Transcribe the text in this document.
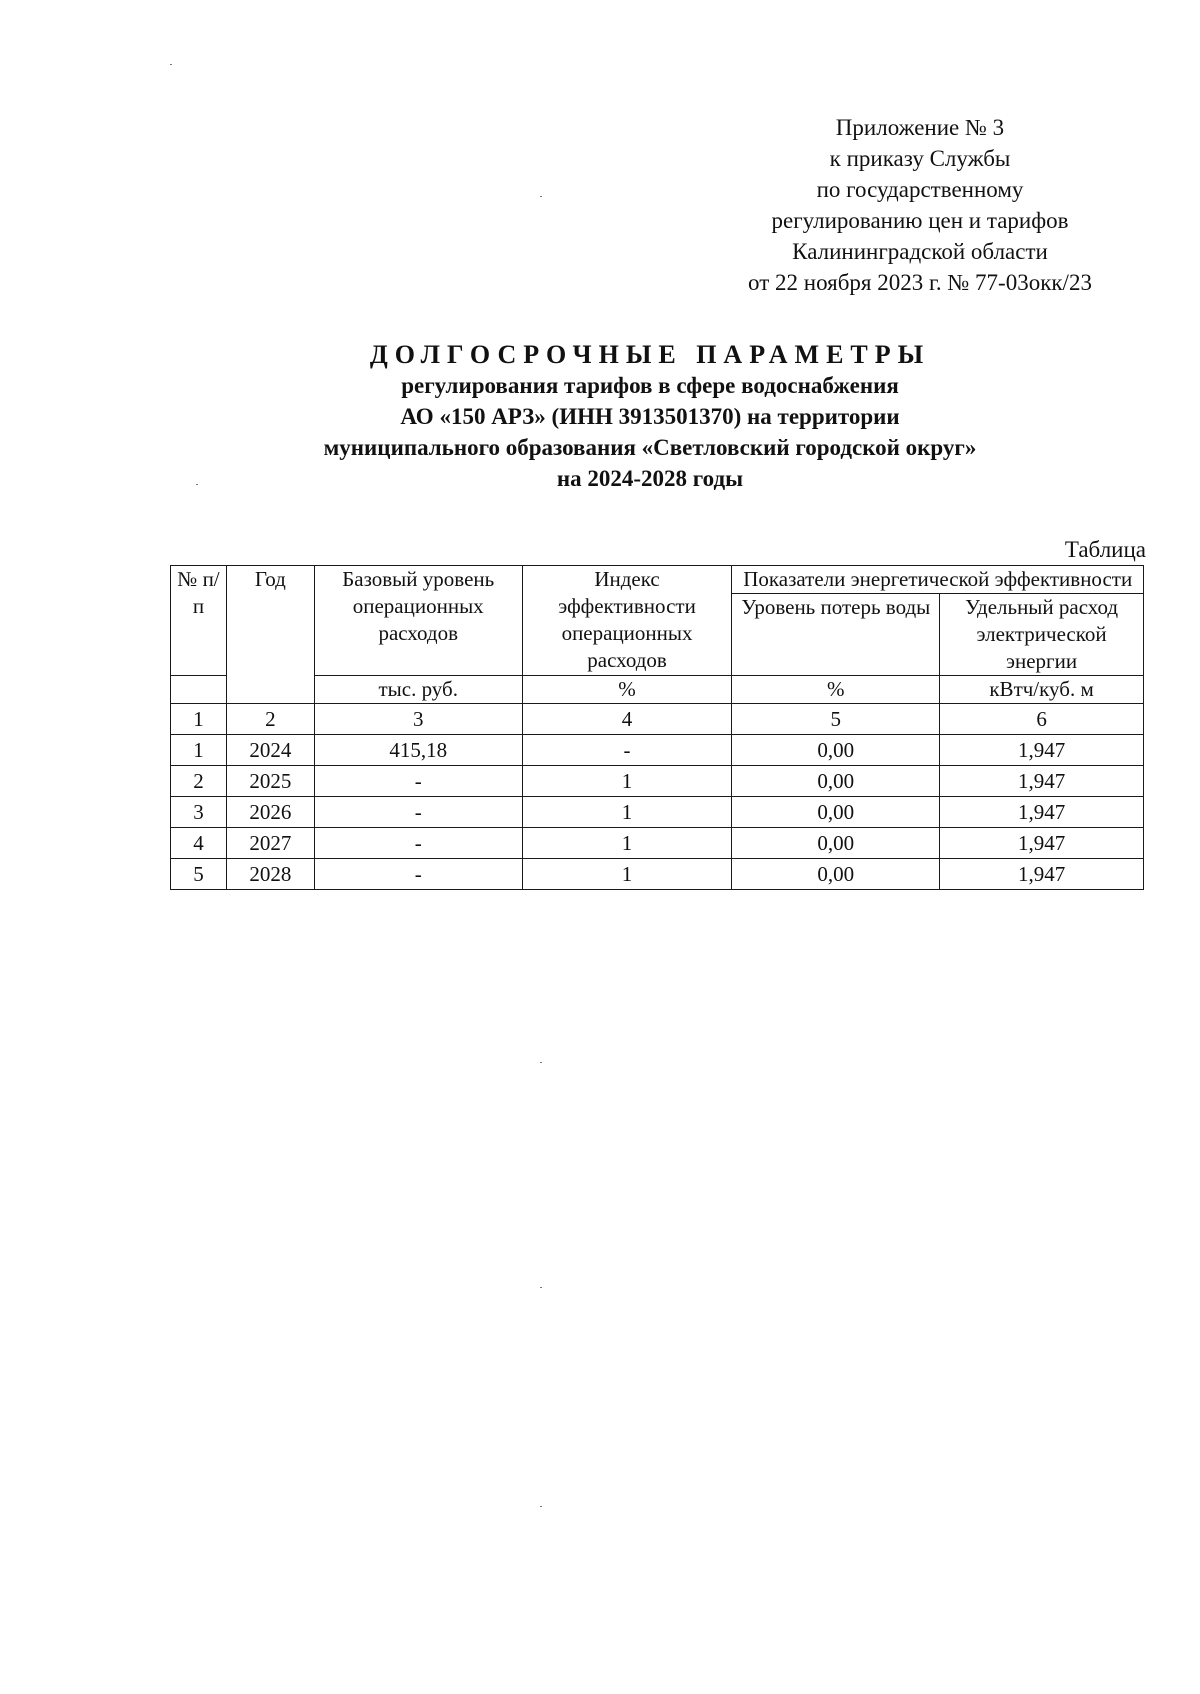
Приложение № 3
к приказу Службы
по государственному
регулированию цен и тарифов
Калининградской области
от 22 ноября 2023 г. № 77-03окк/23
ДОЛГОСРОЧНЫЕ ПАРАМЕТРЫ
регулирования тарифов в сфере водоснабжения
АО «150 АРЗ» (ИНН 3913501370) на территории
муниципального образования «Светловский городской округ»
на 2024-2028 годы
Таблица
№ п/п	Год	Базовый уровень операционных расходов	Индекс эффективности операционных расходов	Показатели энергетической эффективности	
				Уровень потерь воды	Удельный расход электрической энергии
		тыс. руб.	%	%	кВтч/куб. м
1	2	3	4	5	6
1	2024	415,18	-	0,00	1,947
2	2025	-	1	0,00	1,947
3	2026	-	1	0,00	1,947
4	2027	-	1	0,00	1,947
5	2028	-	1	0,00	1,947
